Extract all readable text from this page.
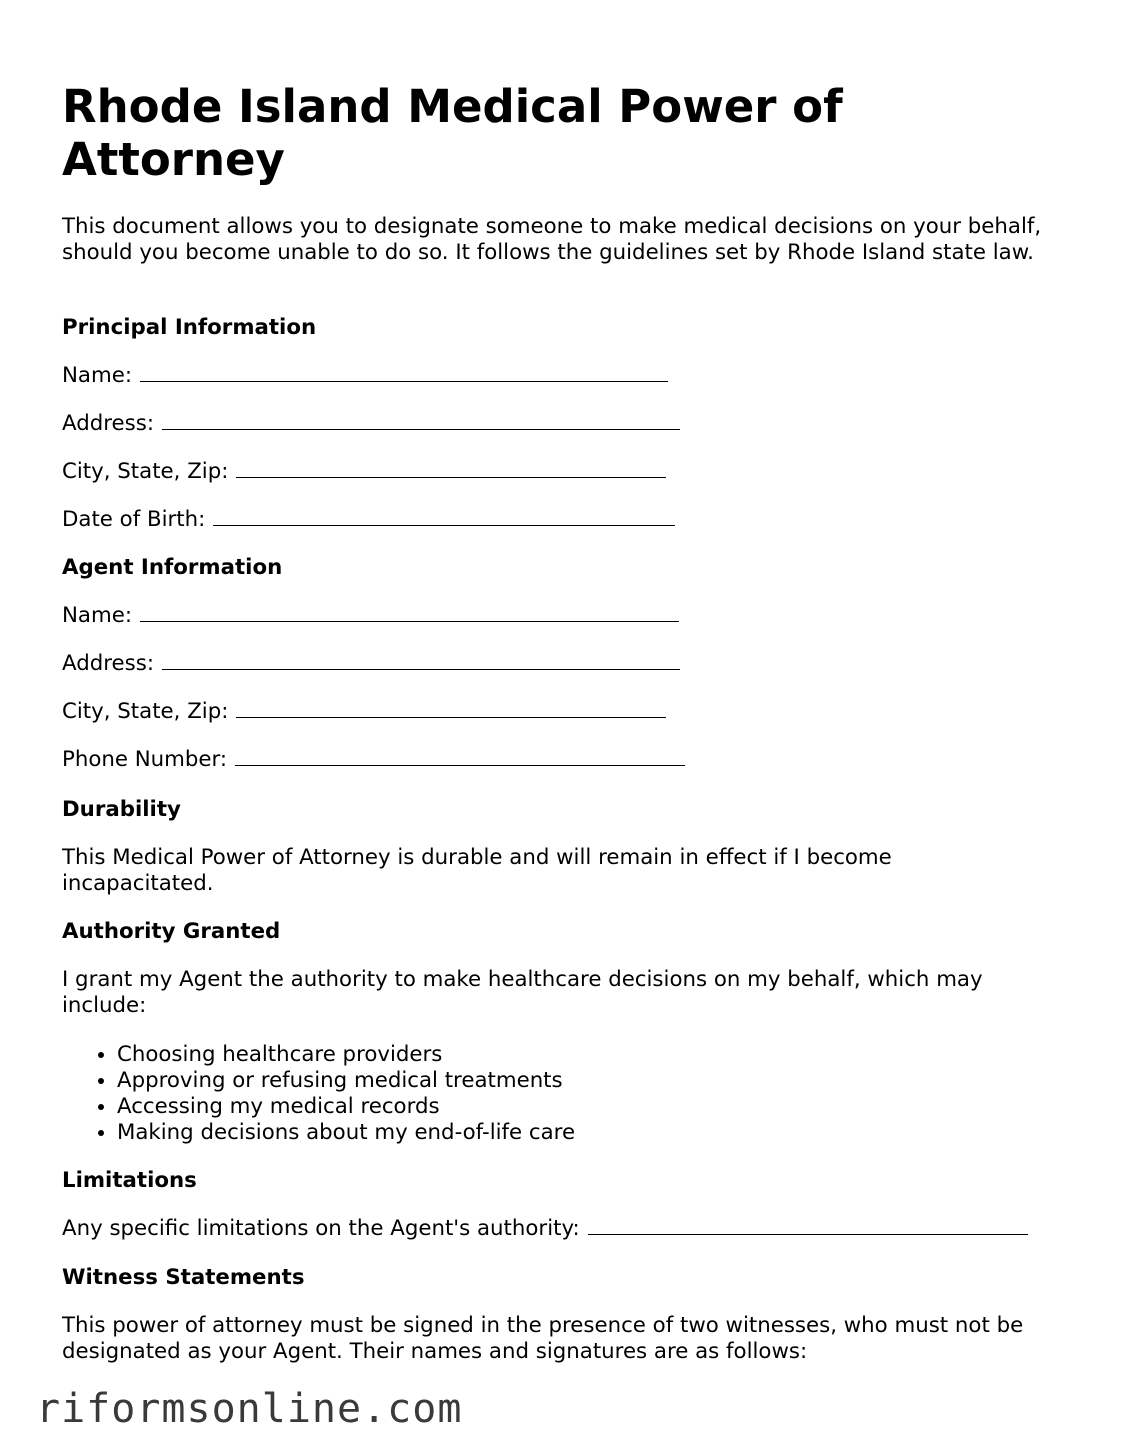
Rhode Island Medical Power of Attorney

This document allows you to designate someone to make medical decisions on your behalf, should you become unable to do so. It follows the guidelines set by Rhode Island state law.

Principal Information
Name:
Address:
City, State, Zip:
Date of Birth:
Agent Information
Name:
Address:
City, State, Zip:
Phone Number:
Durability

This Medical Power of Attorney is durable and will remain in effect if I become incapacitated.

Authority Granted

I grant my Agent the authority to make healthcare decisions on my behalf, which may include:

• Choosing healthcare providers
• Approving or refusing medical treatments
• Accessing my medical records
• Making decisions about my end-of-life care
Limitations
Any specific limitations on the Agent's authority:
Witness Statements

This power of attorney must be signed in the presence of two witnesses, who must not be designated as your Agent. Their names and signatures are as follows:

riformsonline.com
